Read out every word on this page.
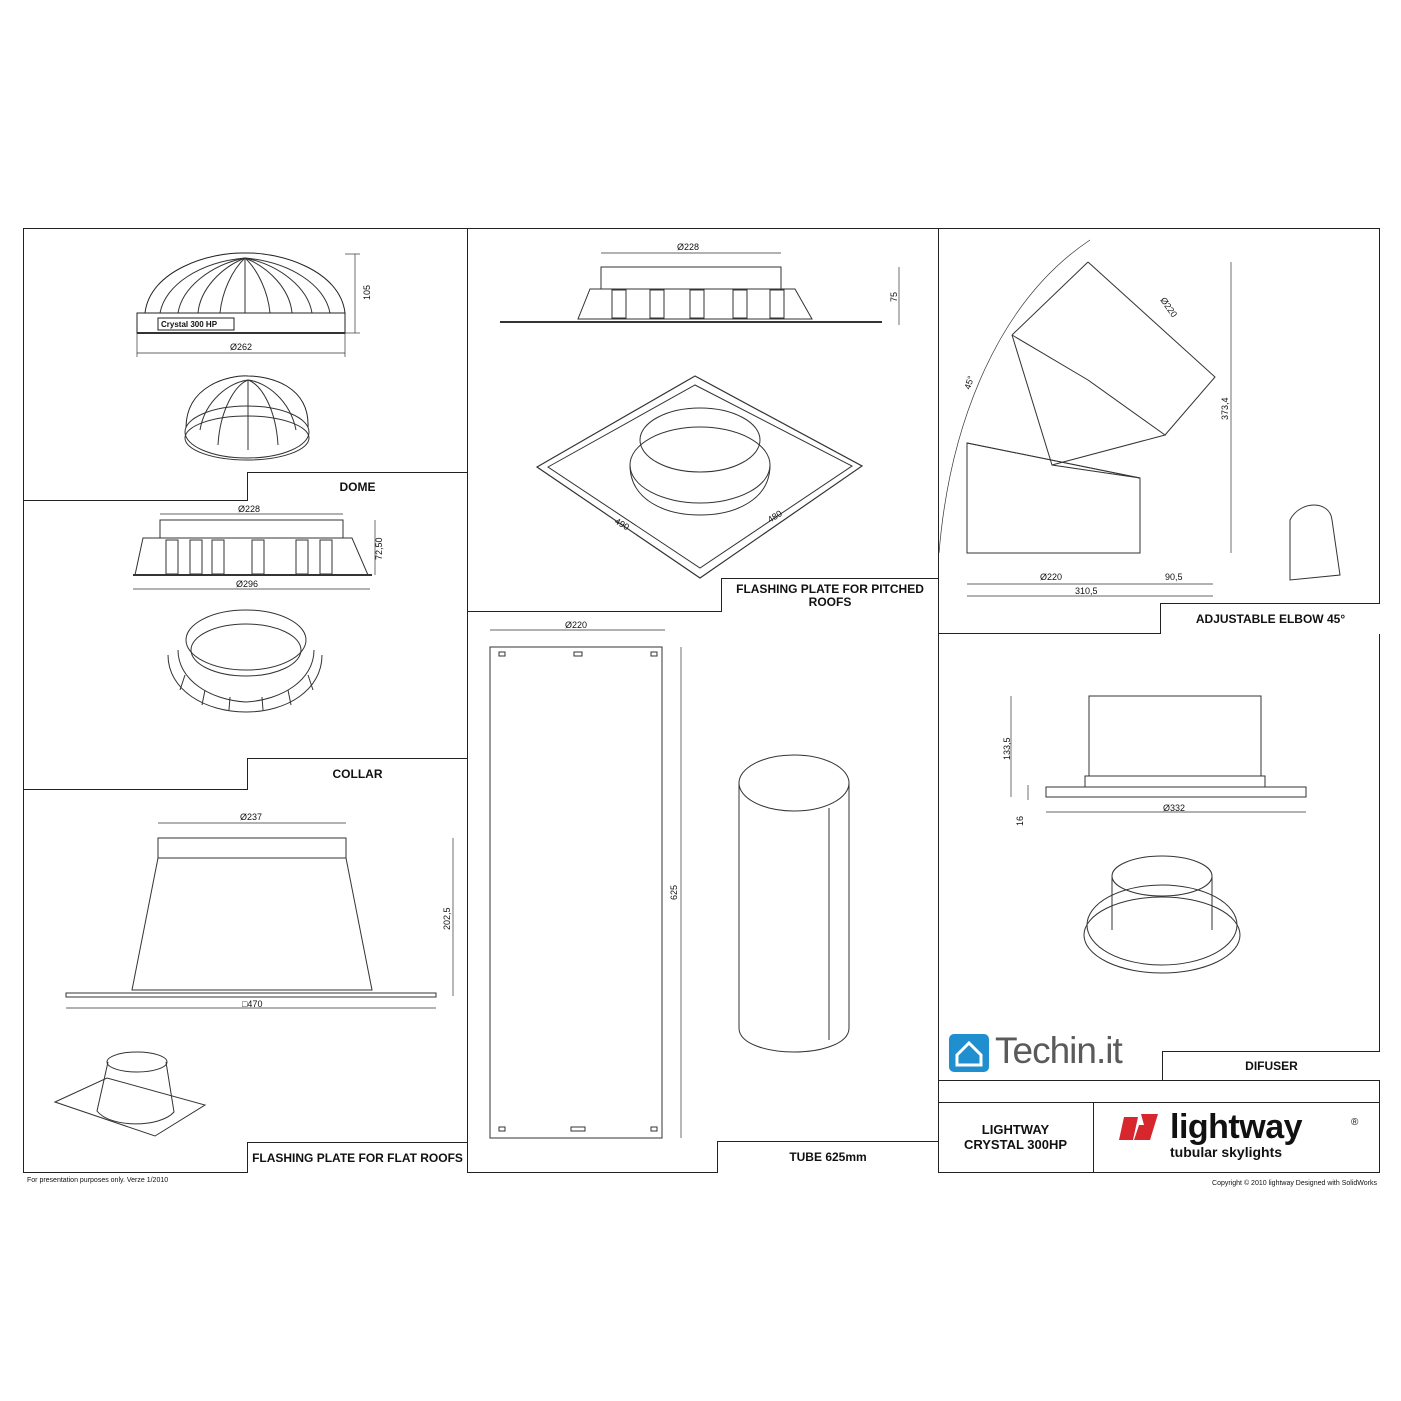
DOME
COLLAR
FLASHING PLATE FOR FLAT ROOFS
FLASHING PLATE FOR PITCHED ROOFS
TUBE 625mm
ADJUSTABLE ELBOW 45°
DIFUSER
LIGHTWAY
CRYSTAL 300HP	lightway	®
tubular skylights
Techin.it
For presentation purposes only. Verze 1/2010	Copyright © 2010 lightway Designed with SolidWorks
Ø262
105
Ø228
Ø296
72,50
Ø237
□470
202,5
Ø228
75
490	480
Ø220
625
45°
Ø220
373,4
Ø220	90,5
310,5
133,5
16
Ø332
Crystal 300 HP
